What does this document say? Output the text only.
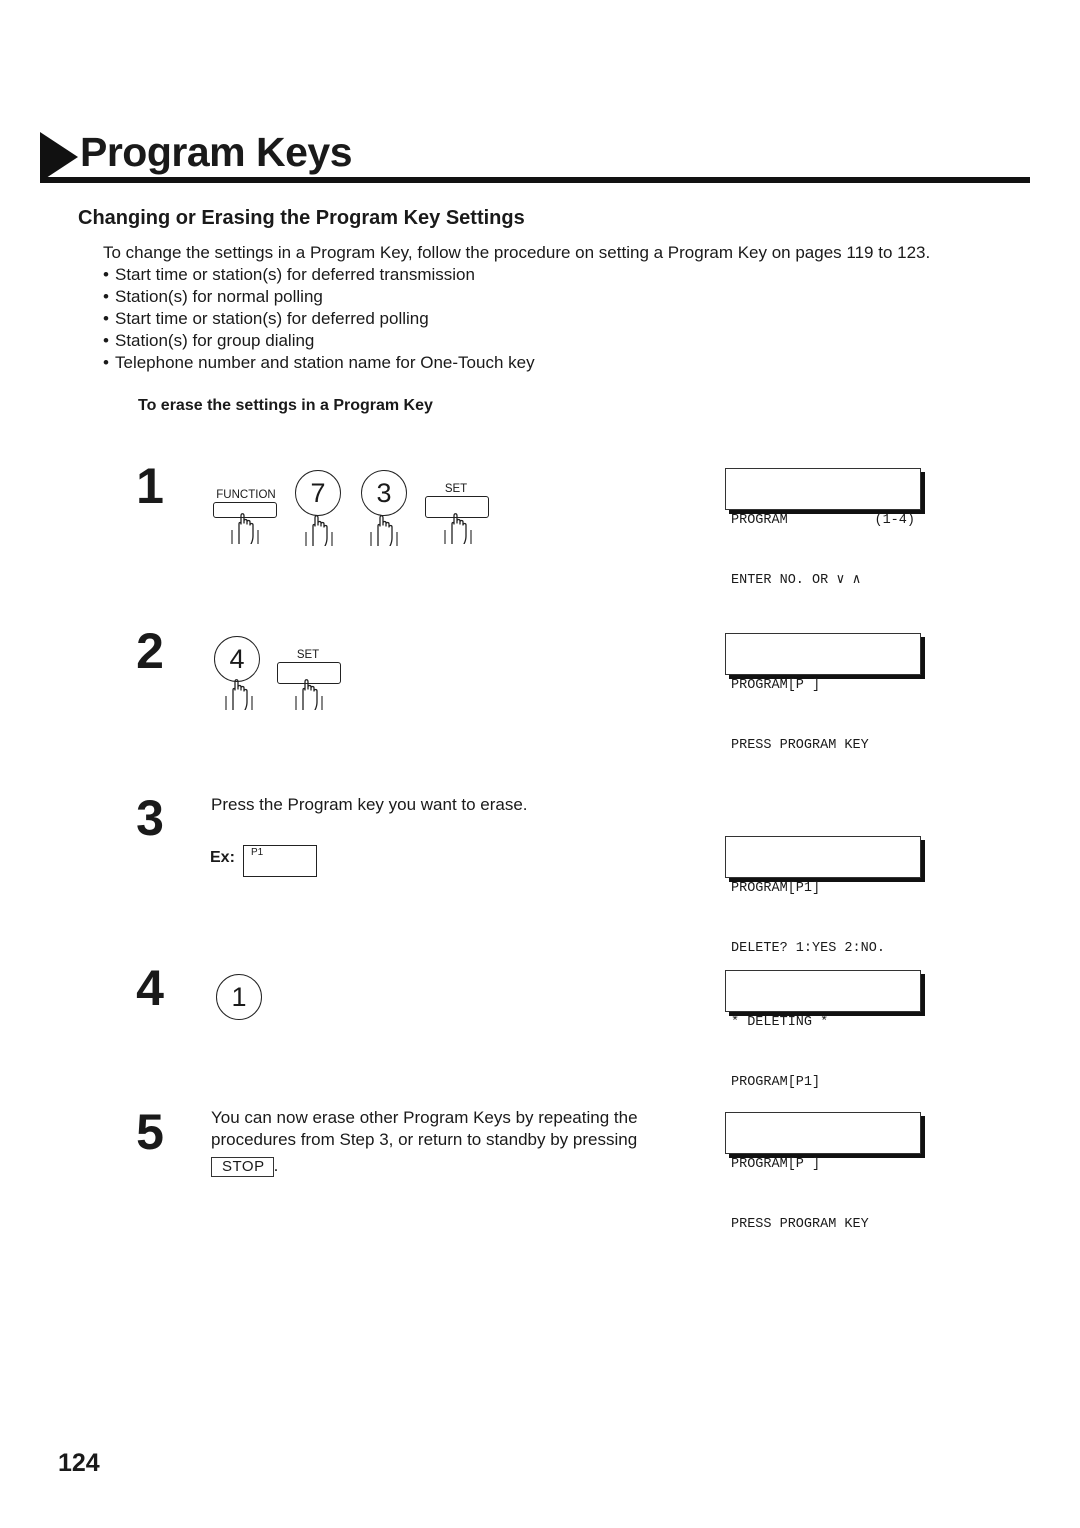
Program Keys
Changing or Erasing the Program Key Settings
To change the settings in a Program Key, follow the procedure on setting a Program Key on pages 119 to 123.
• Start time or station(s) for deferred transmission
• Station(s) for normal polling
• Start time or station(s) for deferred polling
• Station(s) for group dialing
• Telephone number and station name for One-Touch key
To erase the settings in a Program Key
1	FUNCTION	7	3	SET

PROGRAM	(1-4)

ENTER NO. OR ∨ ∧

2	4	SET

PROGRAM[P ]

PRESS PROGRAM KEY

3	Press the Program key you want to erase.
Ex: P1

PROGRAM[P1]

DELETE? 1:YES 2:NO.

4	1

* DELETING *

PROGRAM[P1]

5	You can now erase other Program Keys by repeating the
procedures from Step 3, or return to standby by pressing
STOP .

	PROGRAM[P ]

PRESS PROGRAM KEY

124
